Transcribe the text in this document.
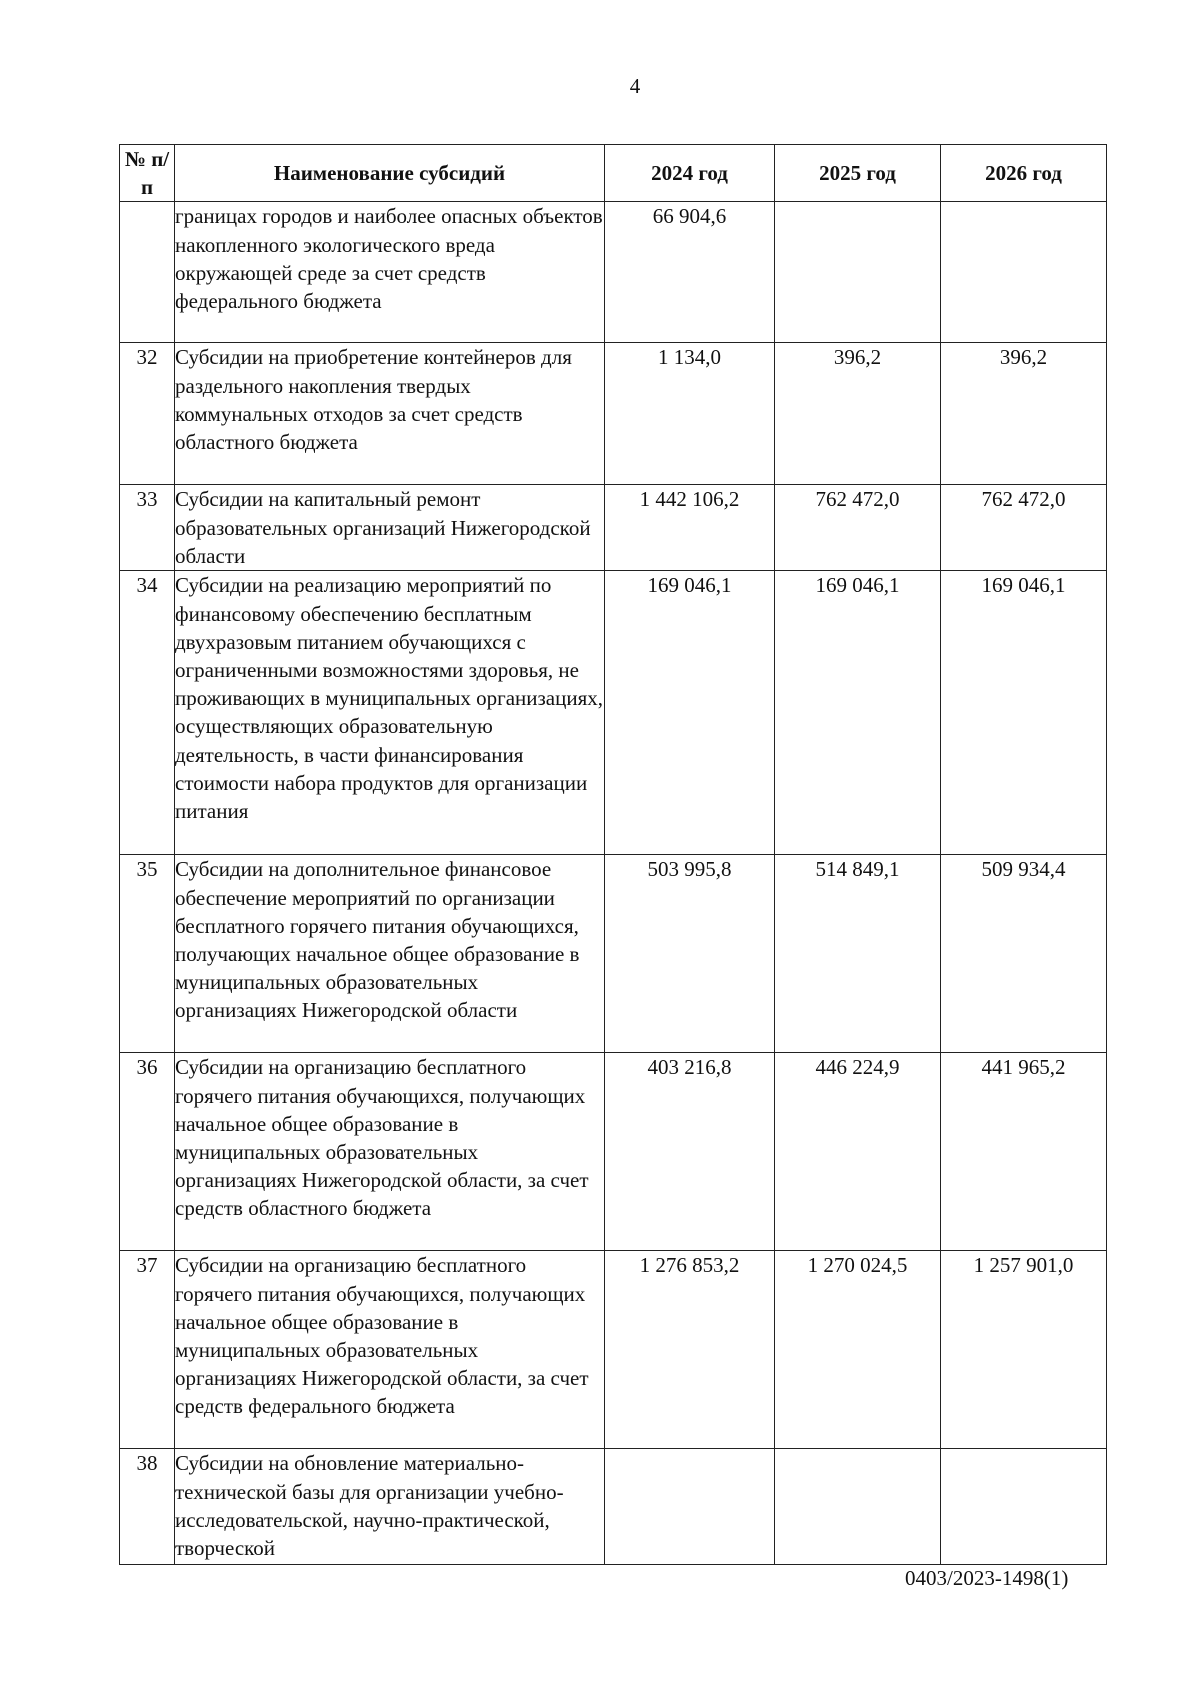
4
№ п/п	Наименование субсидий	2024 год	2025 год	2026 год
	границах городов и наиболее опасных объектов накопленного экологического вреда окружающей среде за счет средств федерального бюджета	66 904,6		
32	Субсидии на приобретение контейнеров для раздельного накопления твердых коммунальных отходов за счет средств областного бюджета	1 134,0	396,2	396,2
33	Субсидии на капитальный ремонт образовательных организаций Нижегородской области	1 442 106,2	762 472,0	762 472,0
34	Субсидии на реализацию мероприятий по финансовому обеспечению бесплатным двухразовым питанием обучающихся с ограниченными возможностями здоровья, не проживающих в муниципальных организациях, осуществляющих образовательную деятельность, в части финансирования стоимости набора продуктов для организации питания	169 046,1	169 046,1	169 046,1
35	Субсидии на дополнительное финансовое обеспечение мероприятий по организации бесплатного горячего питания обучающихся, получающих начальное общее образование в муниципальных образовательных организациях Нижегородской области	503 995,8	514 849,1	509 934,4
36	Субсидии на организацию бесплатного горячего питания обучающихся, получающих начальное общее образование в муниципальных образовательных организациях Нижегородской области, за счет средств областного бюджета	403 216,8	446 224,9	441 965,2
37	Субсидии на организацию бесплатного горячего питания обучающихся, получающих начальное общее образование в муниципальных образовательных организациях Нижегородской области, за счет средств федерального бюджета	1 276 853,2	1 270 024,5	1 257 901,0
38	Субсидии на обновление материально-технической базы для организации учебно-исследовательской, научно-практической, творческой			
0403/2023-1498(1)
